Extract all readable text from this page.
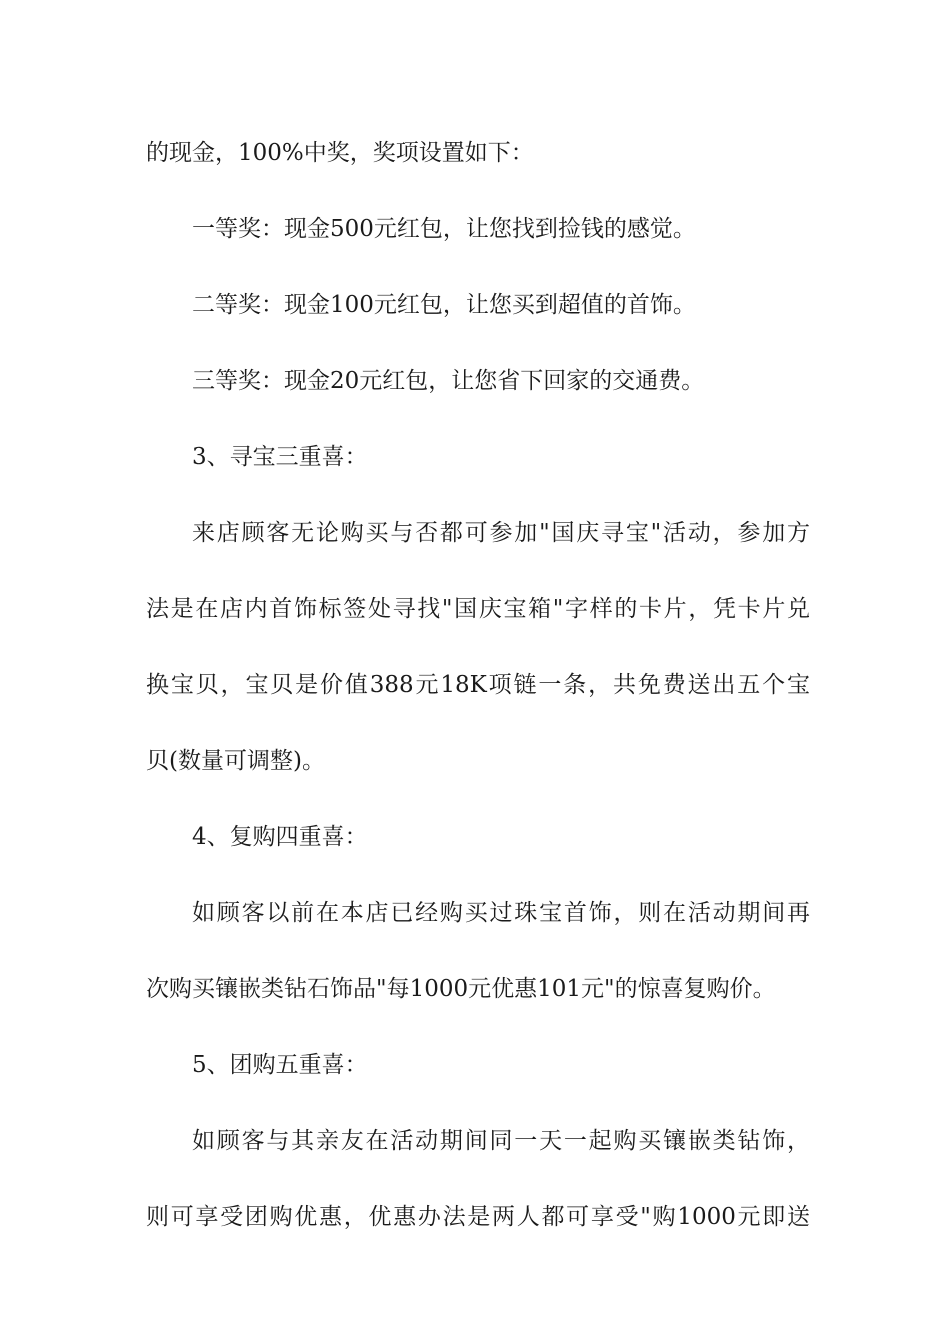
的现金，100%中奖，奖项设置如下：
一等奖：现金500元红包，让您找到捡钱的感觉。
二等奖：现金100元红包，让您买到超值的首饰。
三等奖：现金20元红包，让您省下回家的交通费。
3、寻宝三重喜：
来店顾客无论购买与否都可参加"国庆寻宝"活动，参加方
法是在店内首饰标签处寻找"国庆宝箱"字样的卡片，凭卡片兑
换宝贝，宝贝是价值388元18K项链一条，共免费送出五个宝
贝(数量可调整)。
4、复购四重喜：
如顾客以前在本店已经购买过珠宝首饰，则在活动期间再
次购买镶嵌类钻石饰品"每1000元优惠101元"的惊喜复购价。
5、团购五重喜：
如顾客与其亲友在活动期间同一天一起购买镶嵌类钻饰，
则可享受团购优惠，优惠办法是两人都可享受"购1000元即送
